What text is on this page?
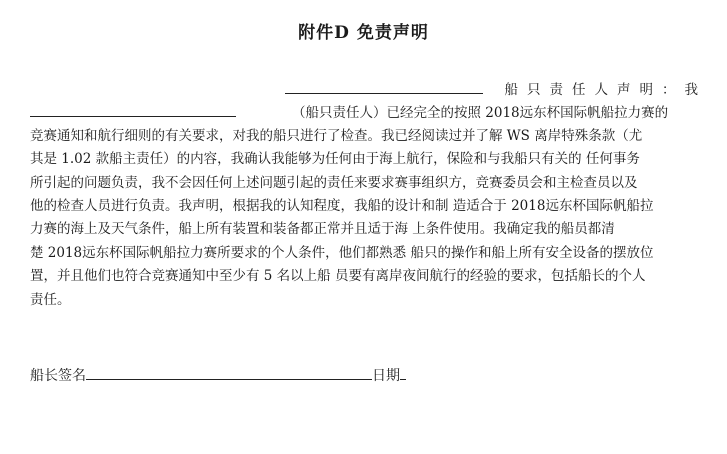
附件D 免责声明
船只责任人声明：我
（船只责任人）已经完全的按照 2018远东杯国际帆船拉力赛的
竞赛通知和航行细则的有关要求，对我的船只进行了检查。我已经阅读过并了解 WS 离岸特殊条款（尤
其是 1.02 款船主责任）的内容，我确认我能够为任何由于海上航行，保险和与我船只有关的 任何事务
所引起的问题负责，我不会因任何上述问题引起的责任来要求赛事组织方，竞赛委员会和主检查员以及
他的检查人员进行负责。我声明，根据我的认知程度，我船的设计和制 造适合于 2018远东杯国际帆船拉
力赛的海上及天气条件，船上所有装置和装备都正常并且适于海 上条件使用。我确定我的船员都清
楚 2018远东杯国际帆船拉力赛所要求的个人条件，他们都熟悉 船只的操作和船上所有安全设备的摆放位
置，并且他们也符合竞赛通知中至少有 5 名以上船 员要有离岸夜间航行的经验的要求，包括船长的个人
责任。
船长签名	日期
